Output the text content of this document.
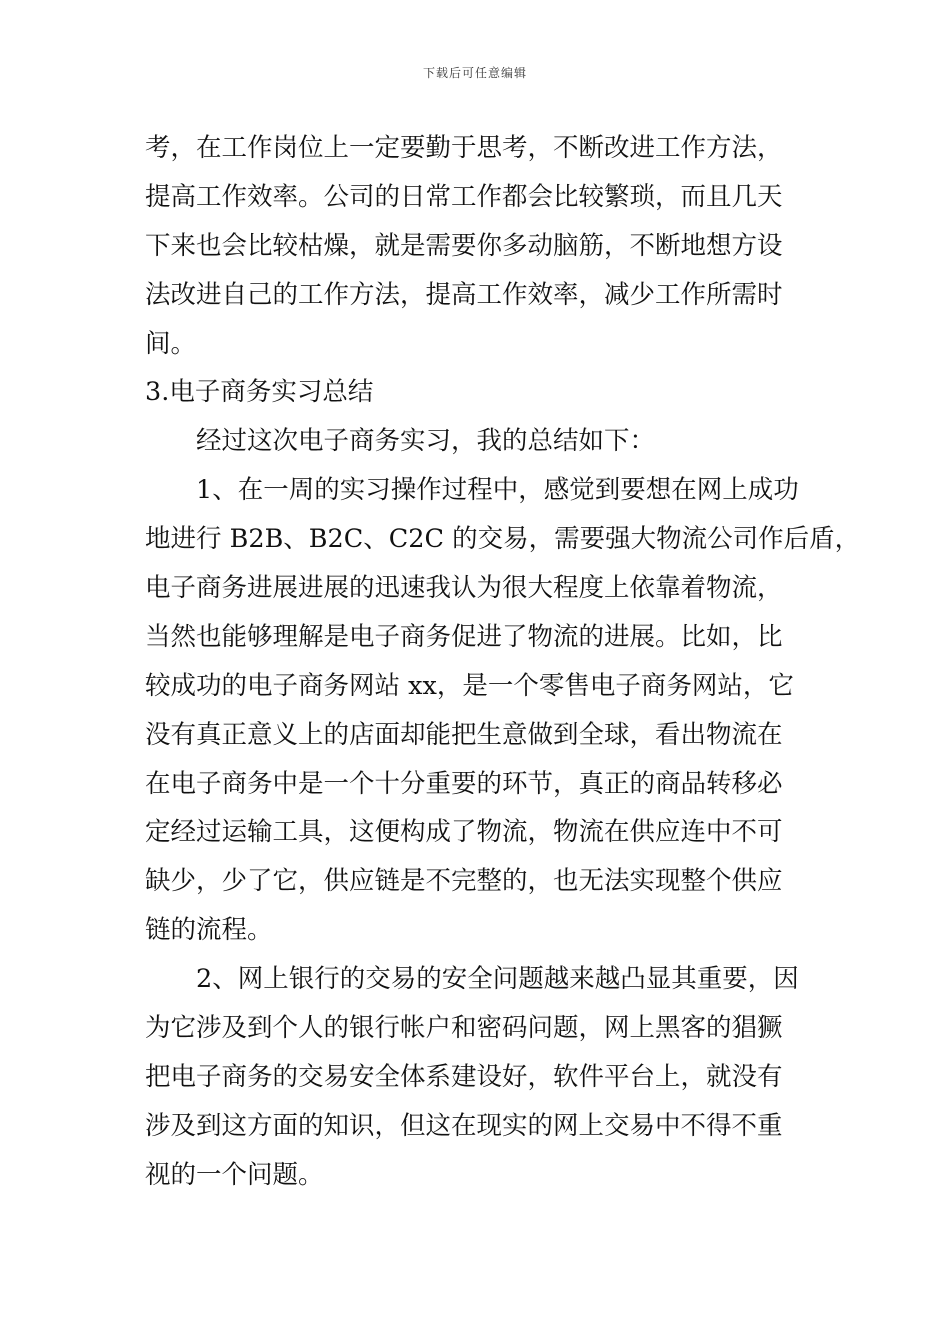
下载后可任意编辑
考，在工作岗位上一定要勤于思考，不断改进工作方法，
提高工作效率。公司的日常工作都会比较繁琐，而且几天
下来也会比较枯燥，就是需要你多动脑筋，不断地想方设
法改进自己的工作方法，提高工作效率，减少工作所需时
间。
3.电子商务实习总结
经过这次电子商务实习，我的总结如下：
1、在一周的实习操作过程中，感觉到要想在网上成功
地进行 B2B、B2C、C2C 的交易，需要强大物流公司作后盾，
电子商务进展进展的迅速我认为很大程度上依靠着物流，
当然也能够理解是电子商务促进了物流的进展。比如，比
较成功的电子商务网站 xx，是一个零售电子商务网站，它
没有真正意义上的店面却能把生意做到全球，看出物流在
在电子商务中是一个十分重要的环节，真正的商品转移必
定经过运输工具，这便构成了物流，物流在供应连中不可
缺少，少了它，供应链是不完整的，也无法实现整个供应
链的流程。
2、网上银行的交易的安全问题越来越凸显其重要，因
为它涉及到个人的银行帐户和密码问题，网上黑客的猖獗
把电子商务的交易安全体系建设好，软件平台上，就没有
涉及到这方面的知识，但这在现实的网上交易中不得不重
视的一个问题。
